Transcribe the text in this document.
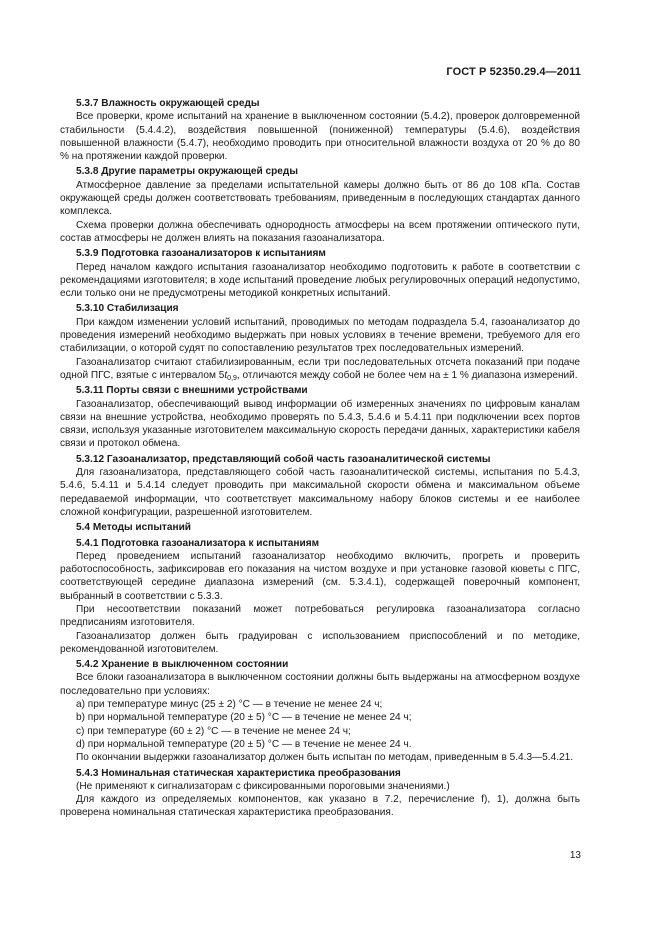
ГОСТ Р 52350.29.4—2011

5.3.7 Влажность окружающей среды

Все проверки, кроме испытаний на хранение в выключенном состоянии (5.4.2), проверок долговременной стабильности (5.4.4.2), воздействия повышенной (пониженной) температуры (5.4.6), воздействия повышенной влажности (5.4.7), необходимо проводить при относительной влажности воздуха от 20 % до 80 % на протяжении каждой проверки.

5.3.8 Другие параметры окружающей среды

Атмосферное давление за пределами испытательной камеры должно быть от 86 до 108 кПа. Состав окружающей среды должен соответствовать требованиям, приведенным в последующих стандартах данного комплекса.

Схема проверки должна обеспечивать однородность атмосферы на всем протяжении оптического пути, состав атмосферы не должен влиять на показания газоанализатора.

5.3.9 Подготовка газоанализаторов к испытаниям

Перед началом каждого испытания газоанализатор необходимо подготовить к работе в соответствии с рекомендациями изготовителя; в ходе испытаний проведение любых регулировочных операций недопустимо, если только они не предусмотрены методикой конкретных испытаний.

5.3.10 Стабилизация

При каждом изменении условий испытаний, проводимых по методам подраздела 5.4, газоанализатор до проведения измерений необходимо выдержать при новых условиях в течение времени, требуемого для его стабилизации, о которой судят по сопоставлению результатов трех последовательных измерений.

Газоанализатор считают стабилизированным, если три последовательных отсчета показаний при подаче одной ПГС, взятые с интервалом $5t_{0,9}$, отличаются между собой не более чем на ± 1 % диапазона измерений.

5.3.11 Порты связи с внешними устройствами

Газоанализатор, обеспечивающий вывод информации об измеренных значениях по цифровым каналам связи на внешние устройства, необходимо проверять по 5.4.3, 5.4.6 и 5.4.11 при подключении всех портов связи, используя указанные изготовителем максимальную скорость передачи данных, характеристики кабеля связи и протокол обмена.

5.3.12 Газоанализатор, представляющий собой часть газоаналитической системы

Для газоанализатора, представляющего собой часть газоаналитической системы, испытания по 5.4.3, 5.4.6, 5.4.11 и 5.4.14 следует проводить при максимальной скорости обмена и максимальном объеме передаваемой информации, что соответствует максимальному набору блоков системы и ее наиболее сложной конфигурации, разрешенной изготовителем.

5.4 Методы испытаний

5.4.1 Подготовка газоанализатора к испытаниям

Перед проведением испытаний газоанализатор необходимо включить, прогреть и проверить работоспособность, зафиксировав его показания на чистом воздухе и при установке газовой кюветы с ПГС, соответствующей середине диапазона измерений (см. 5.3.4.1), содержащей поверочный компонент, выбранный в соответствии с 5.3.3.

При несоответствии показаний может потребоваться регулировка газоанализатора согласно предписаниям изготовителя.

Газоанализатор должен быть градуирован с использованием приспособлений и по методике, рекомендованной изготовителем.

5.4.2 Хранение в выключенном состоянии

Все блоки газоанализатора в выключенном состоянии должны быть выдержаны на атмосферном воздухе последовательно при условиях:

a) при температуре минус (25 ± 2) °С — в течение не менее 24 ч;

b) при нормальной температуре (20 ± 5) °С — в течение не менее 24 ч;

c) при температуре (60 ± 2) °С — в течение не менее 24 ч;

d) при нормальной температуре (20 ± 5) °С — в течение не менее 24 ч.

По окончании выдержки газоанализатор должен быть испытан по методам, приведенным в 5.4.3—5.4.21.

5.4.3 Номинальная статическая характеристика преобразования

(Не применяют к сигнализаторам с фиксированными пороговыми значениями.)

Для каждого из определяемых компонентов, как указано в 7.2, перечисление f), 1), должна быть проверена номинальная статическая характеристика преобразования.

13
